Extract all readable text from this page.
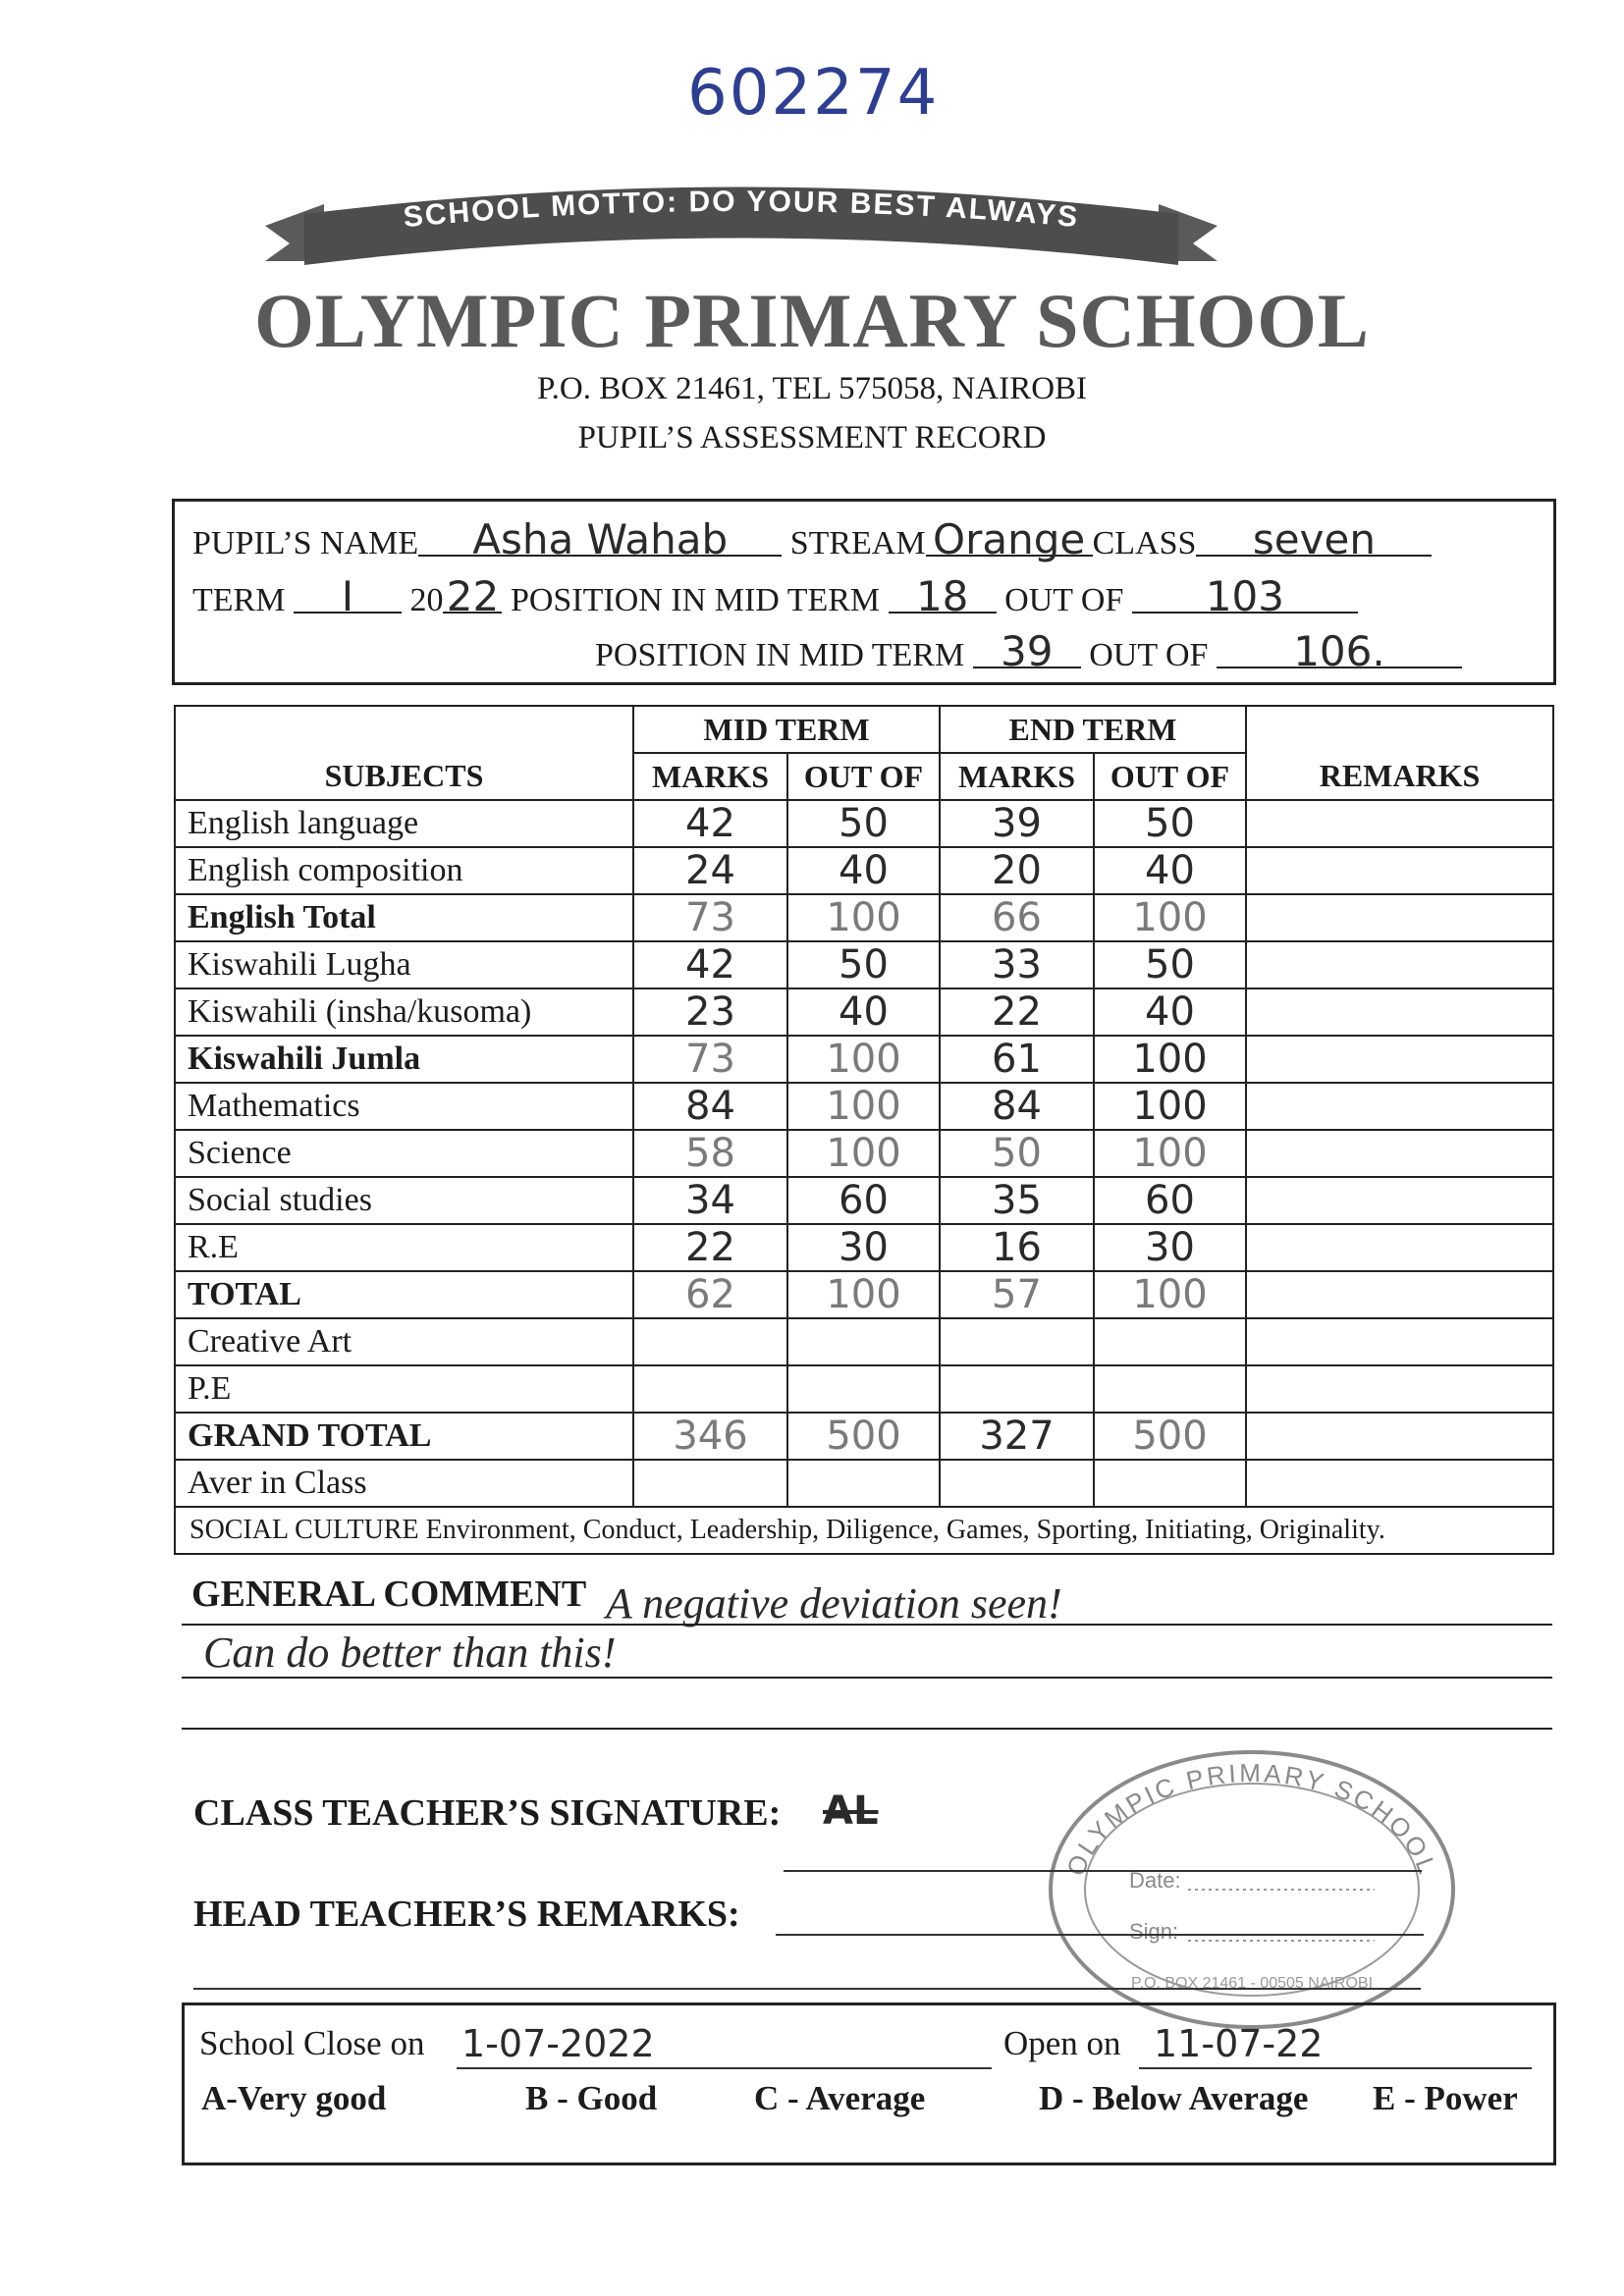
602274
SCHOOL MOTTO: DO YOUR BEST ALWAYS
OLYMPIC PRIMARY SCHOOL
P.O. BOX 21461, TEL 575058, NAIROBI
PUPIL’S ASSESSMENT RECORD
PUPIL’S NAME Asha Wahab STREAM Orange CLASS seven
TERM I 2022 POSITION IN MID TERM 18 OUT OF 103
POSITION IN MID TERM 39 OUT OF 106.
	MID TERM		END TERM		
SUBJECTS	MARKS	OUT OF	MARKS	OUT OF	REMARKS
English language	42	50	39	50	
English composition	24	40	20	40	
English Total	73	100	66	100	
Kiswahili Lugha	42	50	33	50	
Kiswahili (insha/kusoma)	23	40	22	40	
Kiswahili Jumla	73	100	61	100	
Mathematics	84	100	84	100	
Science	58	100	50	100	
Social studies	34	60	35	60	
R.E	22	30	16	30	
TOTAL	62	100	57	100	
Creative Art					
P.E					
GRAND TOTAL	346	500	327	500	
Aver in Class					
SOCIAL CULTURE Environment, Conduct, Leadership, Diligence, Games, Sporting, Initiating, Originality.					
GENERAL COMMENT A negative deviation seen!
Can do better than this!
OLYMPIC PRIMARY SCHOOL
Date:
Sign:
P.O. BOX 21461 - 00505 NAIROBI
CLASS TEACHER’S SIGNATURE: AL
HEAD TEACHER’S REMARKS:
School Close on 1-07-2022	Open on 11-07-22
A-Very good	B - Good	C - Average	D - Below Average E - Power
